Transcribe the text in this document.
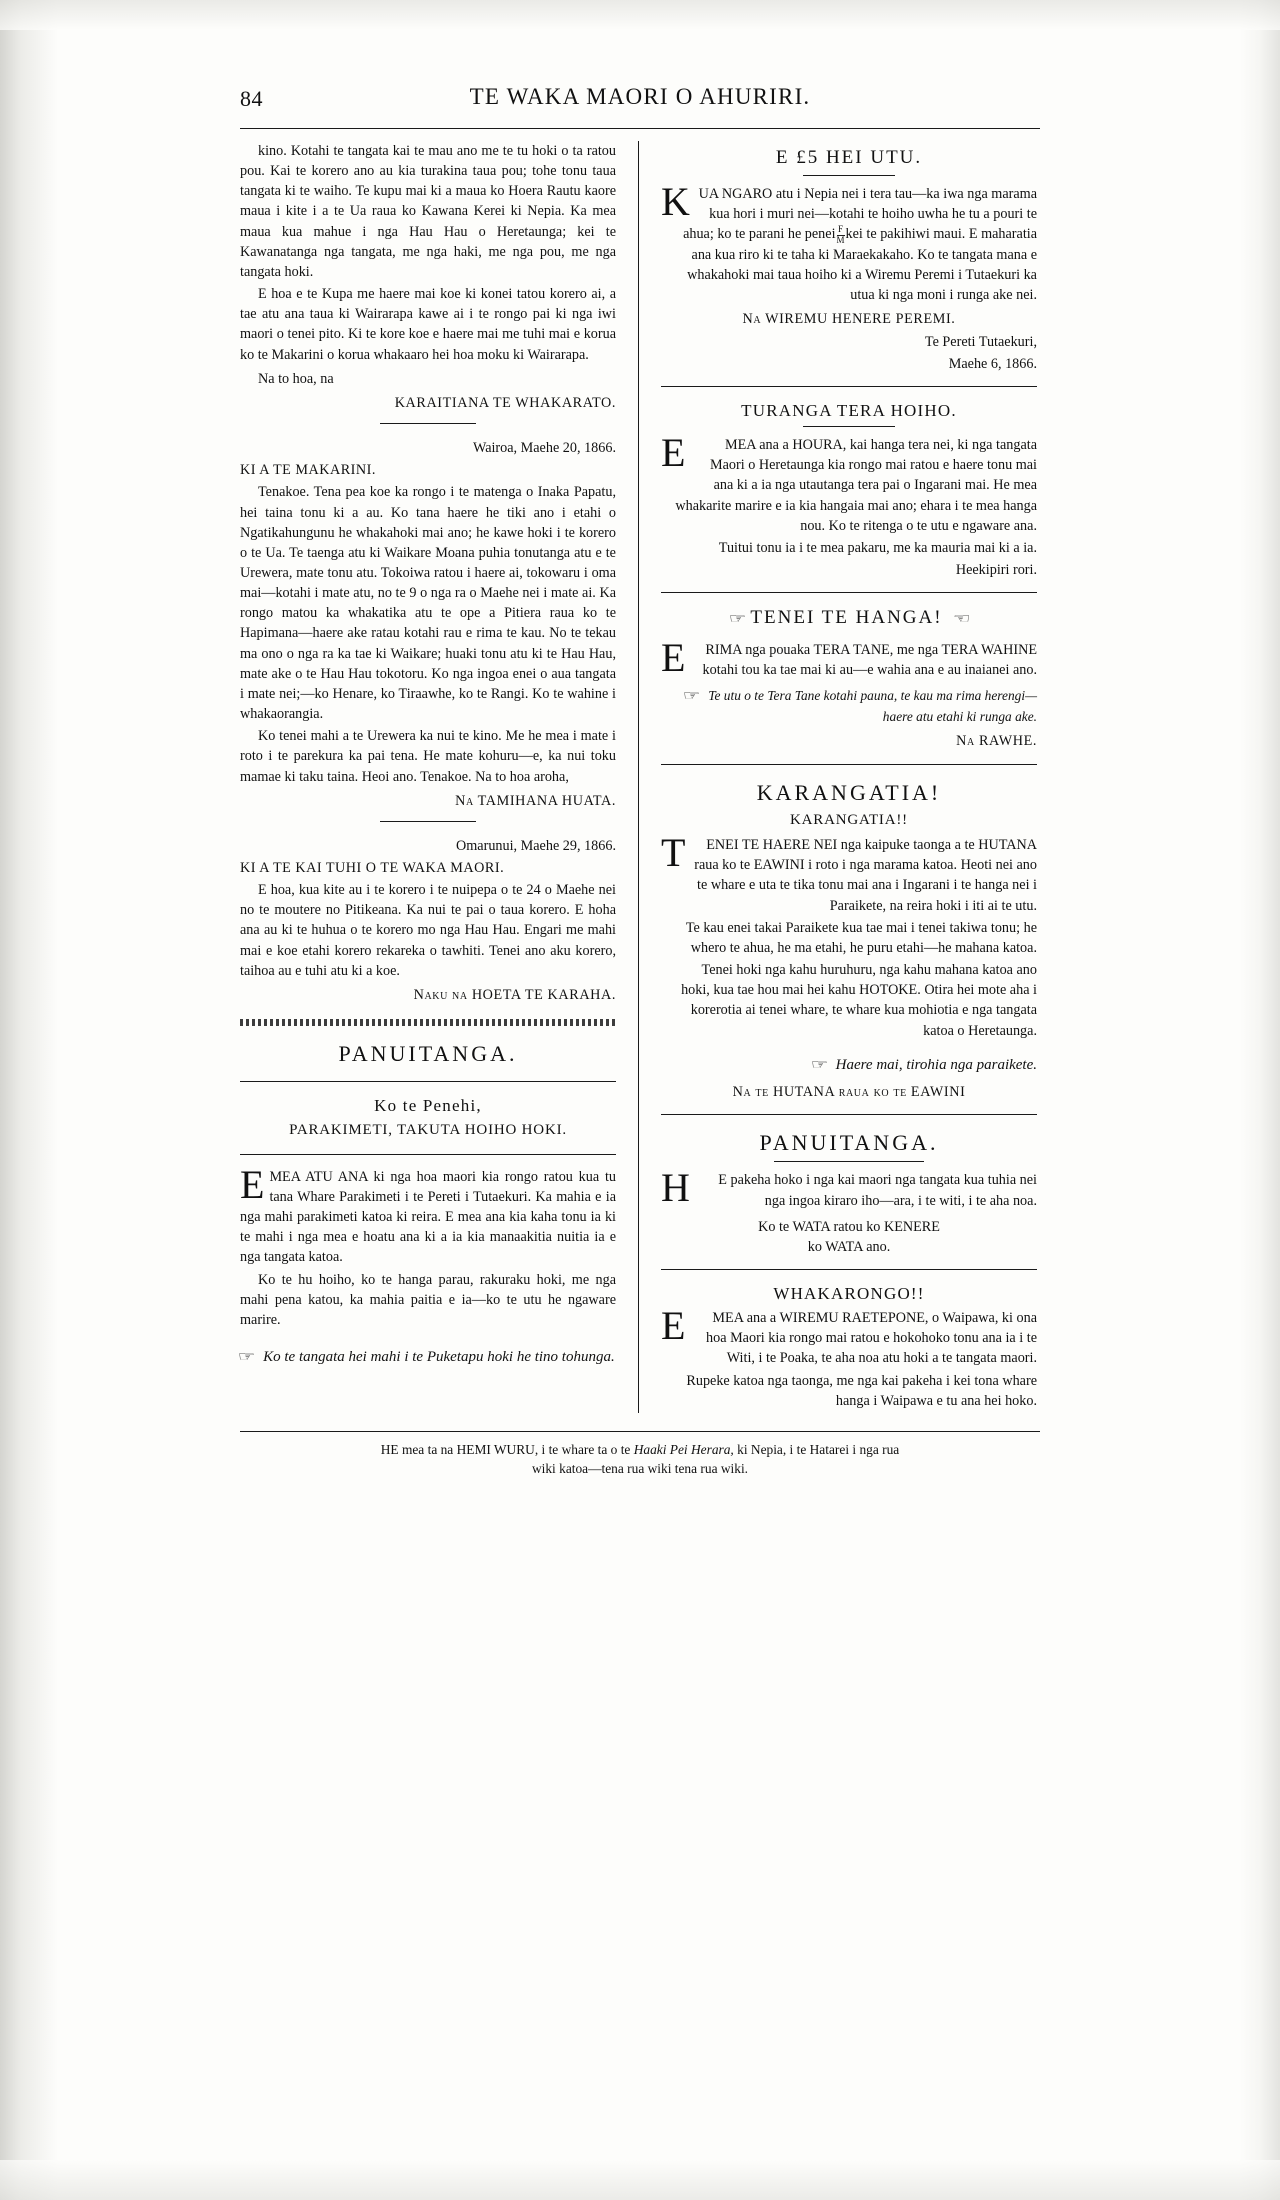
84	TE WAKA MAORI O AHURIRI.

kino. Kotahi te tangata kai te mau ano me te tu hoki o ta ratou pou. Kai te korero ano au kia turakina taua pou; tohe tonu taua tangata ki te waiho. Te kupu mai ki a maua ko Hoera Rautu kaore maua i kite i a te Ua raua ko Kawana Kerei ki Nepia. Ka mea maua kua mahue i nga Hau Hau o Heretaunga; kei te Kawanatanga nga tangata, me nga haki, me nga pou, me nga tangata hoki.

E hoa e te Kupa me haere mai koe ki konei tatou korero ai, a tae atu ana taua ki Wairarapa kawe ai i te rongo pai ki nga iwi maori o tenei pito. Ki te kore koe e haere mai me tuhi mai e korua ko te Makarini o korua whakaaro hei hoa moku ki Wairarapa.

Na to hoa, na

KARAITIANA TE WHAKARATO.
Wairoa, Maehe 20, 1866.
KI A TE MAKARINI.

Tenakoe. Tena pea koe ka rongo i te matenga o Inaka Papatu, hei taina tonu ki a au. Ko tana haere he tiki ano i etahi o Ngatikahungunu he whakahoki mai ano; he kawe hoki i te korero o te Ua. Te taenga atu ki Waikare Moana puhia tonutanga atu e te Urewera, mate tonu atu. Tokoiwa ratou i haere ai, tokowaru i oma mai—kotahi i mate atu, no te 9 o nga ra o Maehe nei i mate ai. Ka rongo matou ka whakatika atu te ope a Pitiera raua ko te Hapimana—haere ake ratau kotahi rau e rima te kau. No te tekau ma ono o nga ra ka tae ki Waikare; huaki tonu atu ki te Hau Hau, mate ake o te Hau Hau tokotoru. Ko nga ingoa enei o aua tangata i mate nei;—ko Henare, ko Tiraawhe, ko te Rangi. Ko te wahine i whakaorangia.

Ko tenei mahi a te Urewera ka nui te kino. Me he mea i mate i roto i te parekura ka pai tena. He mate kohuru—e, ka nui toku mamae ki taku taina. Heoi ano. Tenakoe. Na to hoa aroha,

Na TAMIHANA HUATA.
Omarunui, Maehe 29, 1866.
KI A TE KAI TUHI O TE WAKA MAORI.

E hoa, kua kite au i te korero i te nuipepa o te 24 o Maehe nei no te moutere no Pitikeana. Ka nui te pai o taua korero. E hoha ana au ki te huhua o te korero mo nga Hau Hau. Engari me mahi mai e koe etahi korero rekareka o tawhiti. Tenei ano aku korero, taihoa au e tuhi atu ki a koe.

Naku na HOETA TE KARAHA.
PANUITANGA.
Ko te Penehi,
PARAKIMETI, TAKUTA HOIHO HOKI.
E MEA ATU ANA ki nga hoa maori kia rongo ratou kua tu tana Whare Parakimeti i te Pereti i Tutaekuri. Ka mahia e ia nga mahi parakimeti katoa ki reira. E mea ana kia kaha tonu ia ki te mahi i nga mea e hoatu ana ki a ia kia manaakitia nuitia ia e nga tangata katoa.

Ko te hu hoiho, ko te hanga parau, rakuraku hoki, me nga mahi pena katou, ka mahia paitia e ia—ko te utu he ngaware marire.

☞ Ko te tangata hei mahi i te Puketapu hoki he tino tohunga.
E £5 HEI UTU.
K UA NGARO atu i Nepia nei i tera tau—ka iwa nga marama kua hori i muri nei—kotahi te hoiho uwha he tu a pouri te ahua; ko te parani he penei $\frac{F}{M}$ kei te pakihiwi maui. E maharatia ana kua riro ki te taha ki Maraekakaho. Ko te tangata mana e whakahoki mai taua hoiho ki a Wiremu Peremi i Tutaekuri ka utua ki nga moni i runga ake nei.
Na WIREMU HENERE PEREMI.

Te Pereti Tutaekuri,

Maehe 6, 1866.

TURANGA TERA HOIHO.
E	MEA ana a HOURA, kai hanga tera nei, ki nga tangata Maori o Heretaunga kia rongo mai ratou e haere tonu mai ana ki a ia nga utautanga tera pai o Ingarani mai. He mea whakarite marire e ia kia hangaia mai ano; ehara i te mea hanga nou. Ko te ritenga o te utu e ngaware ana.

Tuitui tonu ia i te mea pakaru, me ka mauria mai ki a ia.

Heekipiri rori.

☞ TENEI TE HANGA! ☞
E	RIMA nga pouaka TERA TANE, me nga TERA WAHINE kotahi tou ka tae mai ki au—e wahia ana e au inaianei ano.

☞ Te utu o te Tera Tane kotahi pauna, te kau ma rima herengi—haere atu etahi ki runga ake.
Na RAWHE.
KARANGATIA!
KARANGATIA!!
T	ENEI TE HAERE NEI nga kaipuke taonga a te HUTANA raua ko te EAWINI i roto i nga marama katoa. Heoti nei ano te whare e uta te tika tonu mai ana i Ingarani i te hanga nei i Paraikete, na reira hoki i iti ai te utu.

Te kau enei takai Paraikete kua tae mai i tenei takiwa tonu; he whero te ahua, he ma etahi, he puru etahi—he mahana katoa.

Tenei hoki nga kahu huruhuru, nga kahu mahana katoa ano hoki, kua tae hou mai hei kahu HOTOKE. Otira hei mote aha i korerotia ai tenei whare, te whare kua mohiotia e nga tangata katoa o Heretaunga.

☞ Haere mai, tirohia nga paraikete.
Na te HUTANA raua ko te EAWINI
PANUITANGA.
H	E pakeha hoko i nga kai maori nga tangata kua tuhia nei nga ingoa kiraro iho—ara, i te witi, i te aha noa.

Ko te WATA ratou ko KENERE
ko WATA ano.
WHAKARONGO!!
E	MEA ana a WIREMU RAETEPONE, o Waipawa, ki ona hoa Maori kia rongo mai ratou e hokohoko tonu ana ia i te Witi, i te Poaka, te aha noa atu hoki a te tangata maori.

Rupeke katoa nga taonga, me nga kai pakeha i kei tona whare hanga i Waipawa e tu ana hei hoko.

HE mea ta na HEMI WURU, i te whare ta o te Haaki Pei Herara, ki Nepia, i te Hatarei i nga rua
wiki katoa—tena rua wiki tena rua wiki.
